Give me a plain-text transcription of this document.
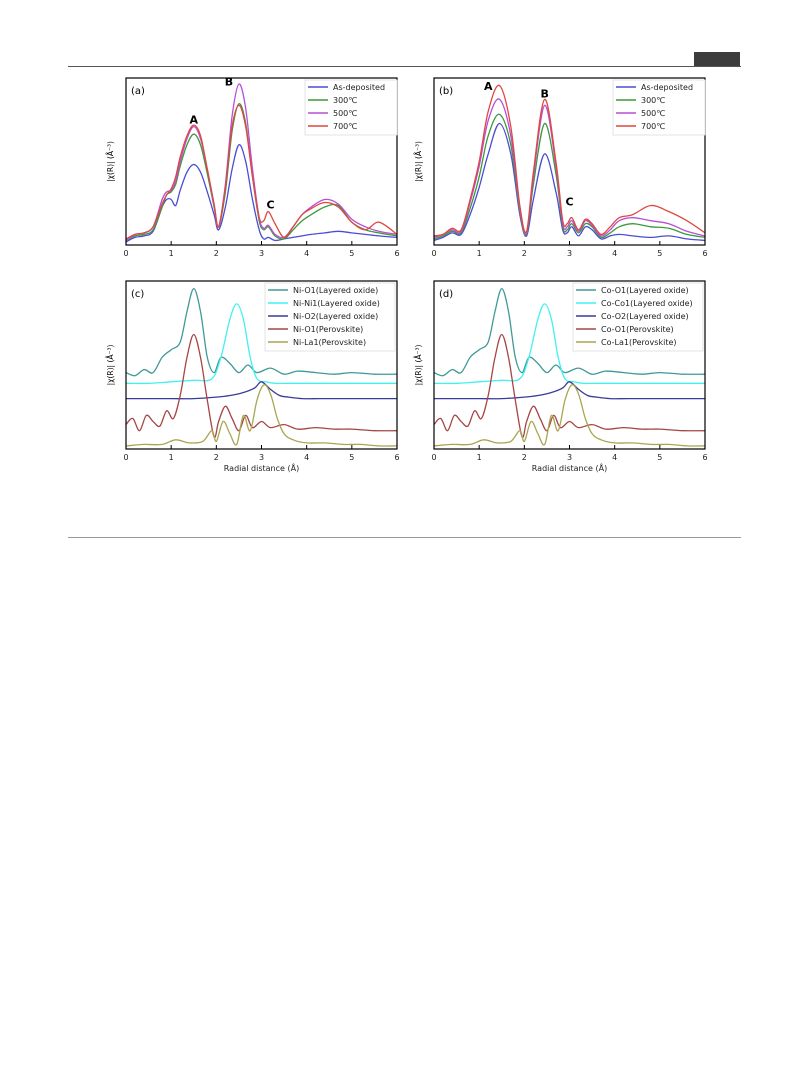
|χ(R)| (Å⁻³)
0	1	2	3	4	5	6
(a)
A
B
C
As-deposited
300℃
500℃
700℃
|χ(R)| (Å⁻³)
0	1	2	3	4	5	6
(b)	A
B
C
As-deposited
300℃
500℃
700℃
|χ(R)| (Å⁻³)
0	1	2	3	4	5	6
Radial distance (Å)
(c)	Ni-O1(Layered oxide)
Ni-Ni1(Layered oxide)
Ni-O2(Layered oxide)
Ni-O1(Perovskite)
Ni-La1(Perovskite)
|χ(R)| (Å⁻³)
0	1	2	3	4	5	6
Radial distance (Å)
(d)	Co-O1(Layered oxide)
Co-Co1(Layered oxide)
Co-O2(Layered oxide)
Co-O1(Perovskite)
Co-La1(Perovskite)
